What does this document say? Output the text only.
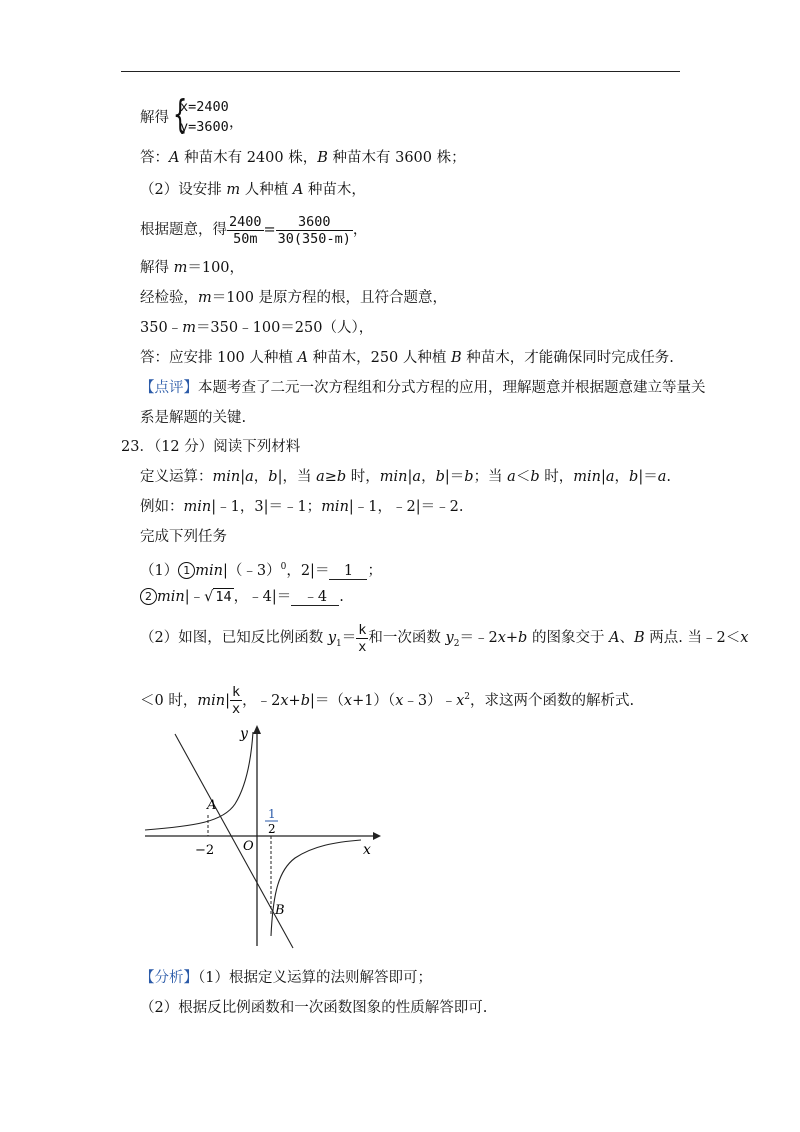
解得 {
x=2400
y=3600 ，
答：A 种苗木有 2400 株，B 种苗木有 3600 株；
（2）设安排 m 人种植 A 种苗木，
根据题意，得 $\frac{2400}{50m} = \frac{3600}{30(350-m)}$ ，
解得 m＝100，
经检验，m＝100 是原方程的根，且符合题意，
350﹣m＝350﹣100＝250（人），
答：应安排 100 人种植 A 种苗木，250 人种植 B 种苗木，才能确保同时完成任务.
【点评】本题考查了二元一次方程组和分式方程的应用，理解题意并根据题意建立等量关
系是解题的关键.
23．（12 分）阅读下列材料
定义运算：min|a，b|，当 a≥b 时，min|a，b|＝b；当 a＜b 时，min|a，b|＝a.
例如：min|﹣1，3|＝﹣1；min|﹣1，﹣2|＝﹣2.
完成下列任务
（1） 1 min|（﹣3）$^0$，2|＝ 1 ；
2 min|﹣√ 14 ，﹣4|＝ ﹣4 .
（2）如图，已知反比例函数 $y_1= \frac{k}{x}$ 和一次函数 $y_2=﹣2x+b$ 的图象交于 A、B 两点. 当﹣2＜x
＜0 时，$\min| \frac{k}{x}$ ，$﹣2x+b|=(x+1)(x﹣3)﹣x^2$，求这两个函数的解析式.
y
x
A
B
O
−2
1
2
【分析】（1）根据定义运算的法则解答即可；
（2）根据反比例函数和一次函数图象的性质解答即可.
